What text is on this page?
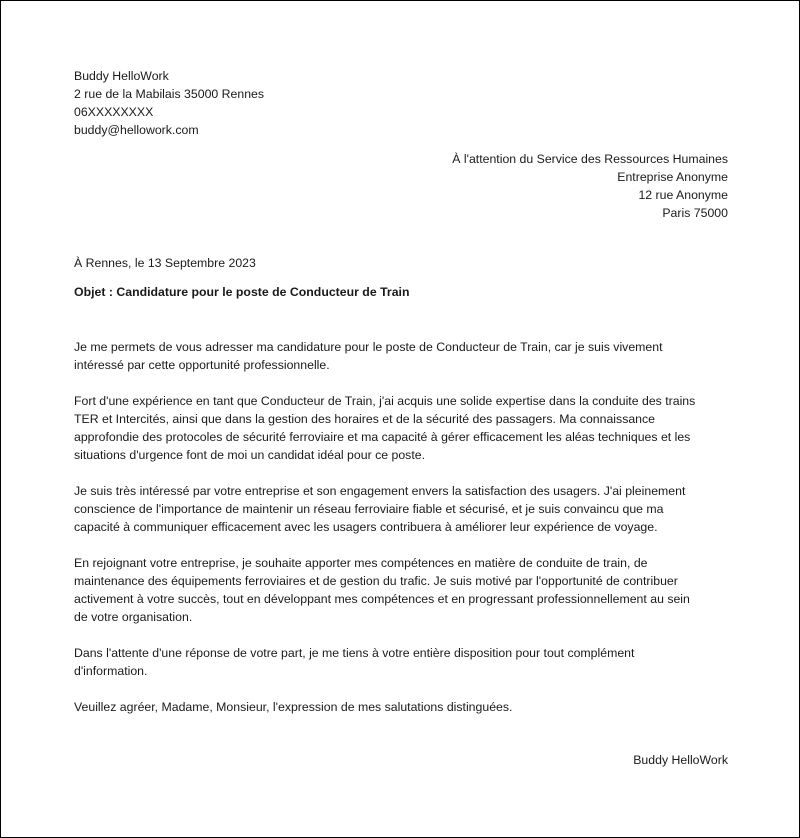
Buddy HelloWork
2 rue de la Mabilais 35000 Rennes
06XXXXXXXX
buddy@hellowork.com
À l'attention du Service des Ressources Humaines
Entreprise Anonyme
12 rue Anonyme
Paris 75000
À Rennes, le 13 Septembre 2023
Objet : Candidature pour le poste de Conducteur de Train

Je me permets de vous adresser ma candidature pour le poste de Conducteur de Train, car je suis vivement
intéressé par cette opportunité professionnelle.

Fort d'une expérience en tant que Conducteur de Train, j'ai acquis une solide expertise dans la conduite des trains
TER et Intercités, ainsi que dans la gestion des horaires et de la sécurité des passagers. Ma connaissance
approfondie des protocoles de sécurité ferroviaire et ma capacité à gérer efficacement les aléas techniques et les
situations d'urgence font de moi un candidat idéal pour ce poste.

Je suis très intéressé par votre entreprise et son engagement envers la satisfaction des usagers. J'ai pleinement
conscience de l'importance de maintenir un réseau ferroviaire fiable et sécurisé, et je suis convaincu que ma
capacité à communiquer efficacement avec les usagers contribuera à améliorer leur expérience de voyage.

En rejoignant votre entreprise, je souhaite apporter mes compétences en matière de conduite de train, de
maintenance des équipements ferroviaires et de gestion du trafic. Je suis motivé par l'opportunité de contribuer
activement à votre succès, tout en développant mes compétences et en progressant professionnellement au sein
de votre organisation.

Dans l'attente d'une réponse de votre part, je me tiens à votre entière disposition pour tout complément
d'information.

Veuillez agréer, Madame, Monsieur, l'expression de mes salutations distinguées.

Buddy HelloWork
